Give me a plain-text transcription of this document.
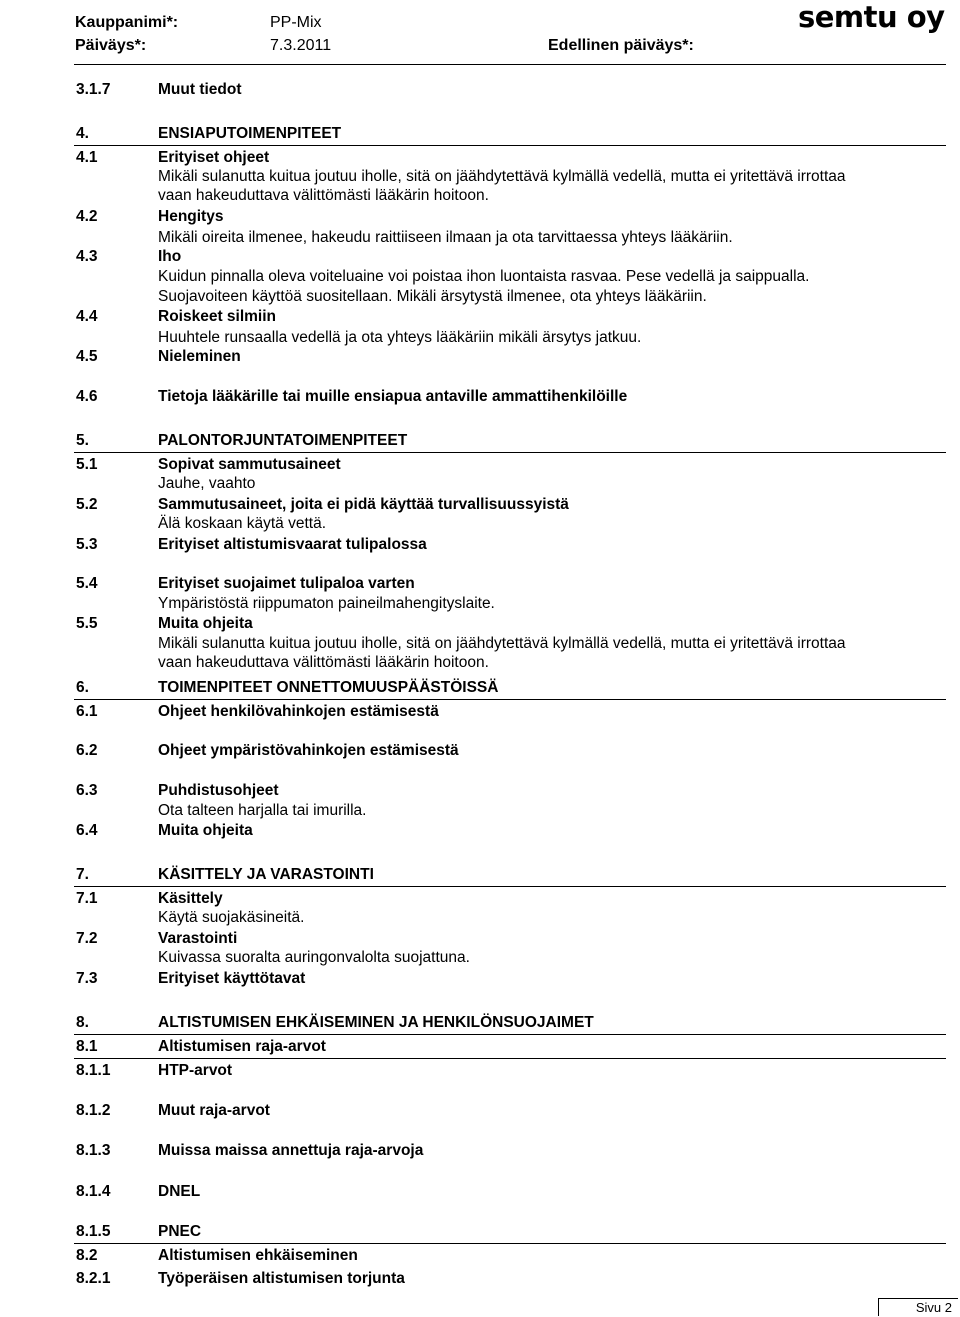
Kauppanimi*:	PP-Mix
Päiväys*:	7.3.2011	Edellinen päiväys*:
semtu oy
3.1.7	Muut tiedot
4.	ENSIAPUTOIMENPITEET
4.1	Erityiset ohjeet
Mikäli sulanutta kuitua joutuu iholle, sitä on jäähdytettävä kylmällä vedellä, mutta ei yritettävä irrottaa
vaan hakeuduttava välittömästi lääkärin hoitoon.
4.2	Hengitys
Mikäli oireita ilmenee, hakeudu raittiiseen ilmaan ja ota tarvittaessa yhteys lääkäriin.
4.3	Iho
Kuidun pinnalla oleva voiteluaine voi poistaa ihon luontaista rasvaa. Pese vedellä ja saippualla.
Suojavoiteen käyttöä suositellaan. Mikäli ärsytystä ilmenee, ota yhteys lääkäriin.
4.4	Roiskeet silmiin
Huuhtele runsaalla vedellä ja ota yhteys lääkäriin mikäli ärsytys jatkuu.
4.5	Nieleminen
4.6	Tietoja lääkärille tai muille ensiapua antaville ammattihenkilöille
5.	PALONTORJUNTATOIMENPITEET
5.1	Sopivat sammutusaineet
Jauhe, vaahto
5.2	Sammutusaineet, joita ei pidä käyttää turvallisuussyistä
Älä koskaan käytä vettä.
5.3	Erityiset altistumisvaarat tulipalossa
5.4	Erityiset suojaimet tulipaloa varten
Ympäristöstä riippumaton paineilmahengityslaite.
5.5	Muita ohjeita
Mikäli sulanutta kuitua joutuu iholle, sitä on jäähdytettävä kylmällä vedellä, mutta ei yritettävä irrottaa
vaan hakeuduttava välittömästi lääkärin hoitoon.
6.	TOIMENPITEET ONNETTOMUUSPÄÄSTÖISSÄ
6.1	Ohjeet henkilövahinkojen estämisestä
6.2	Ohjeet ympäristövahinkojen estämisestä
6.3	Puhdistusohjeet
Ota talteen harjalla tai imurilla.
6.4	Muita ohjeita
7.	KÄSITTELY JA VARASTOINTI
7.1	Käsittely
Käytä suojakäsineitä.
7.2	Varastointi
Kuivassa suoralta auringonvalolta suojattuna.
7.3	Erityiset käyttötavat
8.	ALTISTUMISEN EHKÄISEMINEN JA HENKILÖNSUOJAIMET
8.1	Altistumisen raja-arvot
8.1.1	HTP-arvot
8.1.2	Muut raja-arvot
8.1.3	Muissa maissa annettuja raja-arvoja
8.1.4	DNEL
8.1.5	PNEC
8.2	Altistumisen ehkäiseminen
8.2.1	Työperäisen altistumisen torjunta
Sivu 2
